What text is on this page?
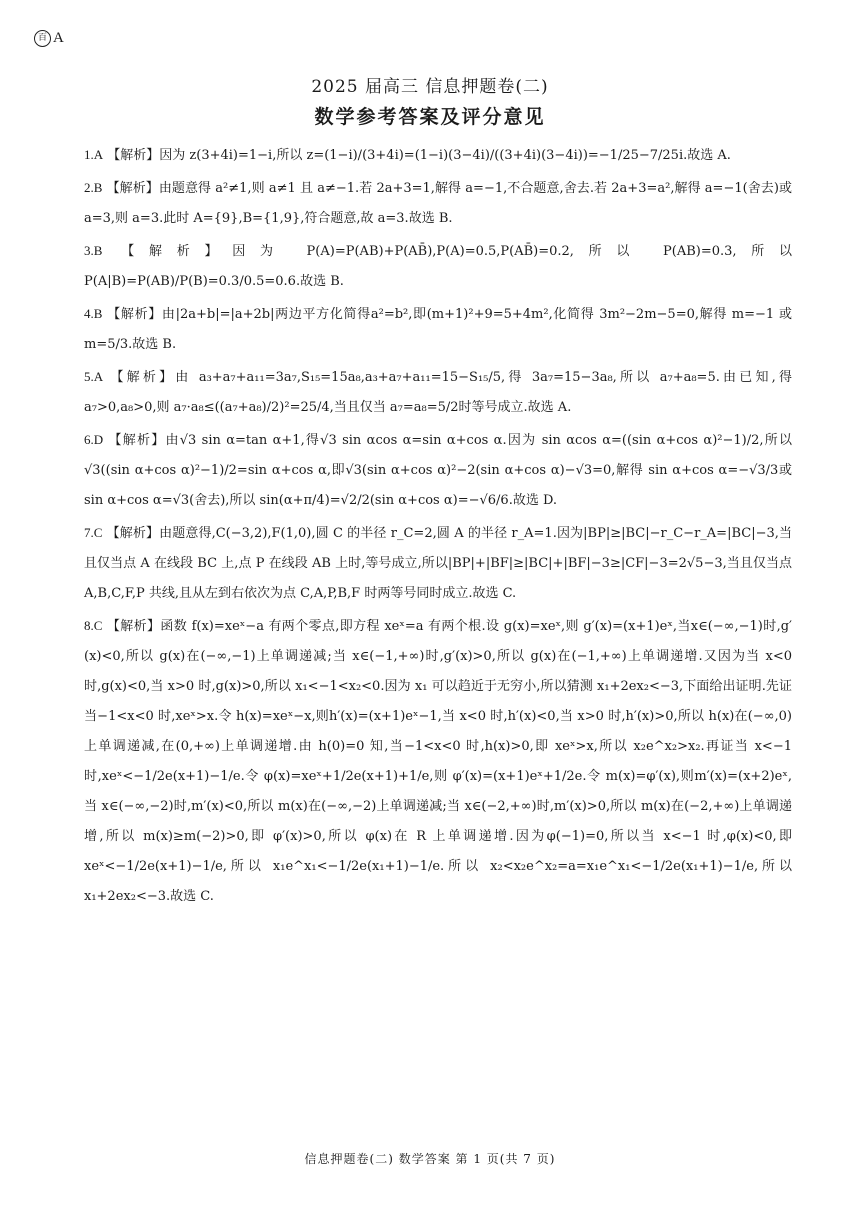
百 A
2025 届高三 信息押题卷(二)
数学参考答案及评分意见
1.A 【解析】因为 z(3+4i)=1−i,所以 z=(1−i)/(3+4i)=(1−i)(3−4i)/((3+4i)(3−4i))=−1/25−7/25i.故选 A.
2.B 【解析】由题意得 a²≠1,则 a≠1 且 a≠−1.若 2a+3=1,解得 a=−1,不合题意,舍去.若 2a+3=a²,解得 a=−1(舍去)或 a=3,则 a=3.此时 A={9},B={1,9},符合题意,故 a=3.故选 B.
3.B 【解析】因为 P(A)=P(AB)+P(AB̄),P(A)=0.5,P(AB̄)=0.2,所以 P(AB)=0.3,所以 P(A|B)=P(AB)/P(B)=0.3/0.5=0.6.故选 B.
4.B 【解析】由|2a+b|=|a+2b|两边平方化简得a²=b²,即(m+1)²+9=5+4m²,化简得 3m²−2m−5=0,解得 m=−1 或 m=5/3.故选 B.
5.A 【解析】由 a₃+a₇+a₁₁=3a₇,S₁₅=15a₈,a₃+a₇+a₁₁=15−S₁₅/5,得 3a₇=15−3a₈,所以 a₇+a₈=5.由已知,得 a₇>0,a₈>0,则 a₇·a₈≤((a₇+a₈)/2)²=25/4,当且仅当 a₇=a₈=5/2时等号成立.故选 A.
6.D 【解析】由√3 sin α=tan α+1,得√3 sin αcos α=sin α+cos α.因为 sin αcos α=((sin α+cos α)²−1)/2,所以√3((sin α+cos α)²−1)/2=sin α+cos α,即√3(sin α+cos α)²−2(sin α+cos α)−√3=0,解得 sin α+cos α=−√3/3或 sin α+cos α=√3(舍去),所以 sin(α+π/4)=√2/2(sin α+cos α)=−√6/6.故选 D.
7.C 【解析】由题意得,C(−3,2),F(1,0),圆 C 的半径 r_C=2,圆 A 的半径 r_A=1.因为|BP|≥|BC|−r_C−r_A=|BC|−3,当且仅当点 A 在线段 BC 上,点 P 在线段 AB 上时,等号成立,所以|BP|+|BF|≥|BC|+|BF|−3≥|CF|−3=2√5−3,当且仅当点 A,B,C,F,P 共线,且从左到右依次为点 C,A,P,B,F 时两等号同时成立.故选 C.
8.C 【解析】函数 f(x)=xeˣ−a 有两个零点,即方程 xeˣ=a 有两个根.设 g(x)=xeˣ,则 g′(x)=(x+1)eˣ,当x∈(−∞,−1)时,g′(x)<0,所以 g(x)在(−∞,−1)上单调递减;当 x∈(−1,+∞)时,g′(x)>0,所以 g(x)在(−1,+∞)上单调递增.又因为当 x<0 时,g(x)<0,当 x>0 时,g(x)>0,所以 x₁<−1<x₂<0.因为 x₁ 可以趋近于无穷小,所以猜测 x₁+2ex₂<−3,下面给出证明.先证当−1<x<0 时,xeˣ>x.令 h(x)=xeˣ−x,则h′(x)=(x+1)eˣ−1,当 x<0 时,h′(x)<0,当 x>0 时,h′(x)>0,所以 h(x)在(−∞,0)上单调递减,在(0,+∞)上单调递增.由 h(0)=0 知,当−1<x<0 时,h(x)>0,即 xeˣ>x,所以 x₂e^x₂>x₂.再证当 x<−1 时,xeˣ<−1/2e(x+1)−1/e.令 φ(x)=xeˣ+1/2e(x+1)+1/e,则 φ′(x)=(x+1)eˣ+1/2e.令 m(x)=φ′(x),则m′(x)=(x+2)eˣ,当 x∈(−∞,−2)时,m′(x)<0,所以 m(x)在(−∞,−2)上单调递减;当 x∈(−2,+∞)时,m′(x)>0,所以 m(x)在(−2,+∞)上单调递增,所以 m(x)≥m(−2)>0,即 φ′(x)>0,所以 φ(x)在 R 上单调递增.因为φ(−1)=0,所以当 x<−1 时,φ(x)<0,即 xeˣ<−1/2e(x+1)−1/e,所以 x₁e^x₁<−1/2e(x₁+1)−1/e.所以 x₂<x₂e^x₂=a=x₁e^x₁<−1/2e(x₁+1)−1/e,所以 x₁+2ex₂<−3.故选 C.
信息押题卷(二) 数学答案 第 1 页(共 7 页)
